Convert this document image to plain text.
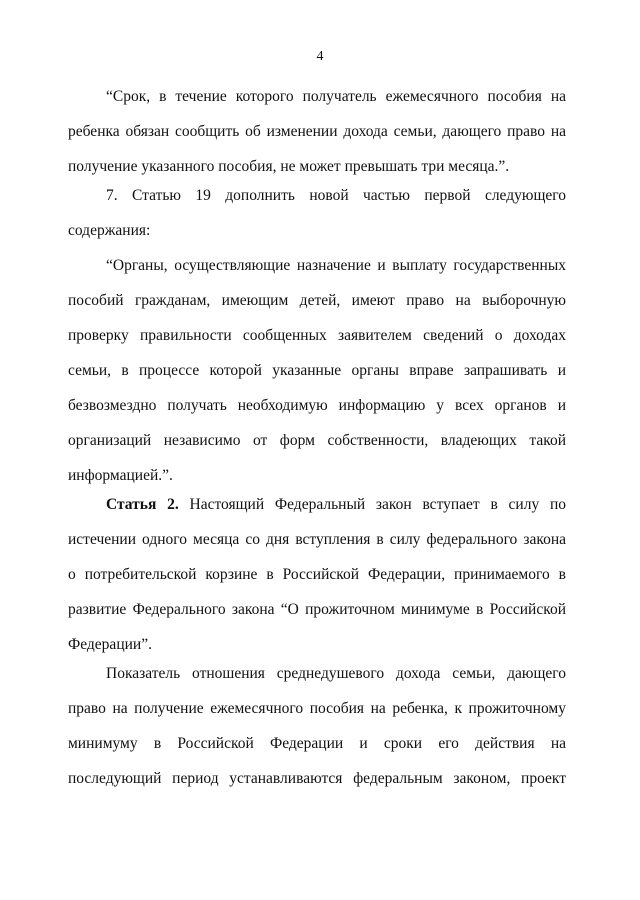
4
“Срок, в течение которого получатель ежемесячного пособия на
ребенка обязан сообщить об изменении дохода семьи, дающего право на
получение указанного пособия, не может превышать три месяца.”.
7. Статью 19 дополнить новой частью первой следующего
содержания:
“Органы, осуществляющие назначение и выплату государственных
пособий гражданам, имеющим детей, имеют право на выборочную
проверку правильности сообщенных заявителем сведений о доходах
семьи, в процессе которой указанные органы вправе запрашивать и
безвозмездно получать необходимую информацию у всех органов и
организаций независимо от форм собственности, владеющих такой
информацией.”.
Статья 2. Настоящий Федеральный закон вступает в силу по
истечении одного месяца со дня вступления в силу федерального закона
о потребительской корзине в Российской Федерации, принимаемого в
развитие Федерального закона “О прожиточном минимуме в Российской
Федерации”.
Показатель отношения среднедушевого дохода семьи, дающего
право на получение ежемесячного пособия на ребенка, к прожиточному
минимуму в Российской Федерации и сроки его действия на
последующий период устанавливаются федеральным законом, проект
